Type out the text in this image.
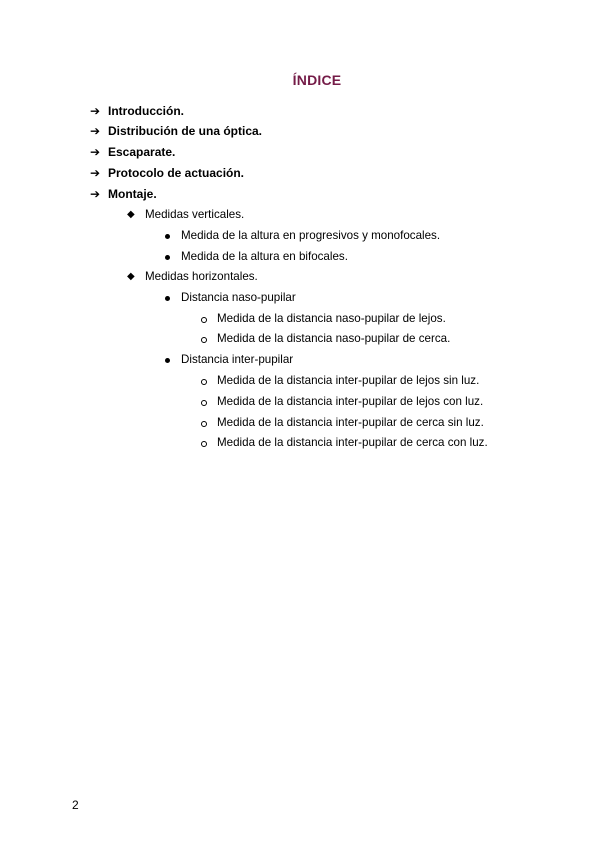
ÍNDICE
➔ Introducción.
➔ Distribución de una óptica.
➔ Escaparate.
➔ Protocolo de actuación.
➔ Montaje.
◆ Medidas verticales.
Medida de la altura en progresivos y monofocales.
Medida de la altura en bifocales.
◆ Medidas horizontales.
Distancia naso-pupilar
Medida de la distancia naso-pupilar de lejos.
Medida de la distancia naso-pupilar de cerca.
Distancia inter-pupilar
Medida de la distancia inter-pupilar de lejos sin luz.
Medida de la distancia inter-pupilar de lejos con luz.
Medida de la distancia inter-pupilar de cerca sin luz.
Medida de la distancia inter-pupilar de cerca con luz.
2
